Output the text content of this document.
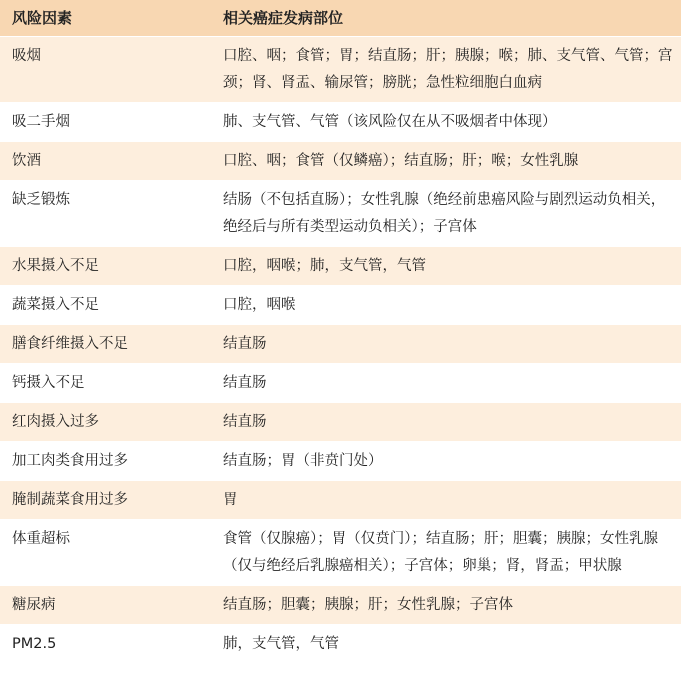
风险因素	相关癌症发病部位
吸烟	口腔、咽；食管；胃；结直肠；肝；胰腺；喉；肺、支气管、气管；宫颈；肾、肾盂、输尿管；膀胱；急性粒细胞白血病
吸二手烟	肺、支气管、气管（该风险仅在从不吸烟者中体现）
饮酒	口腔、咽；食管（仅鳞癌）；结直肠；肝；喉；女性乳腺
缺乏锻炼	结肠（不包括直肠）；女性乳腺（绝经前患癌风险与剧烈运动负相关，绝经后与所有类型运动负相关）；子宫体
水果摄入不足	口腔，咽喉；肺，支气管，气管
蔬菜摄入不足	口腔，咽喉
膳食纤维摄入不足	结直肠
钙摄入不足	结直肠
红肉摄入过多	结直肠
加工肉类食用过多	结直肠；胃（非贲门处）
腌制蔬菜食用过多	胃
体重超标	食管（仅腺癌）；胃（仅贲门）；结直肠；肝；胆囊；胰腺；女性乳腺（仅与绝经后乳腺癌相关）；子宫体；卵巢；肾，肾盂；甲状腺
糖尿病	结直肠；胆囊；胰腺；肝；女性乳腺；子宫体
PM2.5	肺，支气管，气管
